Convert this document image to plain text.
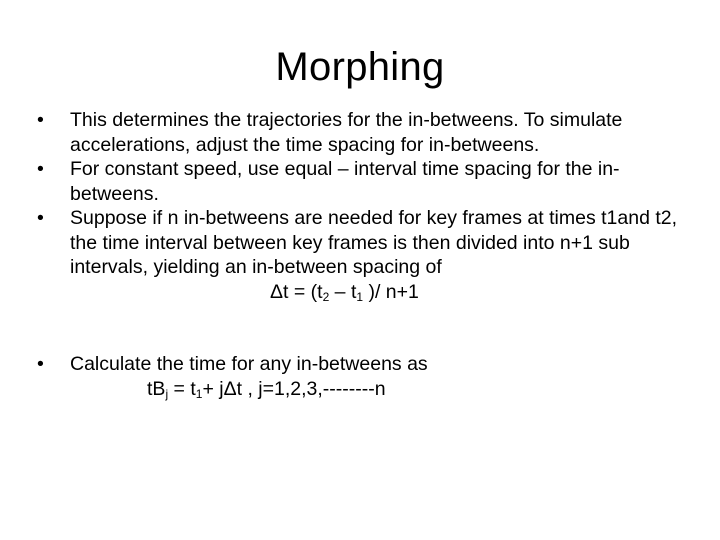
Morphing
• This determines the trajectories for the in-betweens. To simulate accelerations, adjust the time spacing for in-betweens.
• For constant speed, use equal – interval time spacing for the in-betweens.
• Suppose if n in-betweens are needed for key frames at times t1and t2, the time interval between key frames is then divided into n+1 sub intervals, yielding an in-between spacing of
$\Delta t = (t_2 - t_1$ )/ n+1
• Calculate the time for any in-betweens as
$tB_j = t_1+ j\Delta t$ , j=1,2,3,--------n
